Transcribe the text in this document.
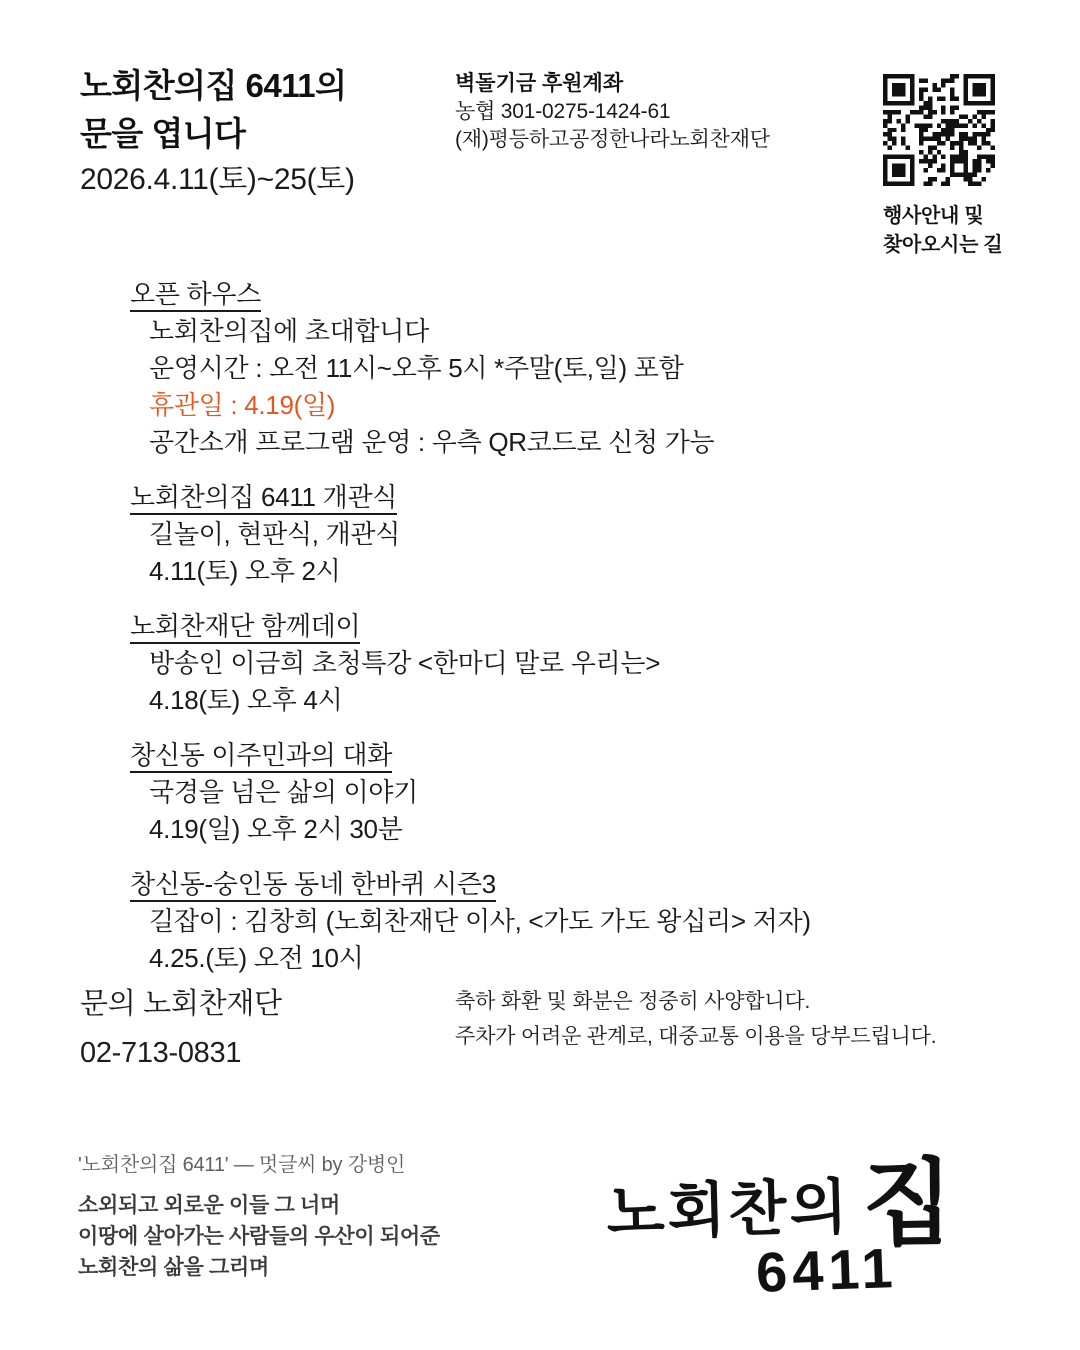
노회찬의집 6411의
문을 엽니다
2026.4.11(토)~25(토)
벽돌기금 후원계좌
농협 301-0275-1424-61
(재)평등하고공정한나라노회찬재단
행사안내 및
찾아오시는 길
오픈 하우스

노회찬의집에 초대합니다

운영시간 : 오전 11시~오후 5시 *주말(토,일) 포함

휴관일 : 4.19(일)

공간소개 프로그램 운영 : 우측 QR코드로 신청 가능

노회찬의집 6411 개관식

길놀이, 현판식, 개관식

4.11(토) 오후 2시

노회찬재단 함께데이

방송인 이금희 초청특강 <한마디 말로 우리는>

4.18(토) 오후 4시

창신동 이주민과의 대화

국경을 넘은 삶의 이야기

4.19(일) 오후 2시 30분

창신동-숭인동 동네 한바퀴 시즌3

길잡이 : 김창희 (노회찬재단 이사, <가도 가도 왕십리> 저자)

4.25.(토) 오전 10시

문의 노회찬재단
02-713-0831
축하 화환 및 화분은 정중히 사양합니다.
주차가 어려운 관계로, 대중교통 이용을 당부드립니다.
'노회찬의집 6411' — 멋글씨 by 강병인
소외되고 외로운 이들 그 너머
이땅에 살아가는 사람들의 우산이 되어준
노회찬의 삶을 그리며
노회찬의 집
6411
